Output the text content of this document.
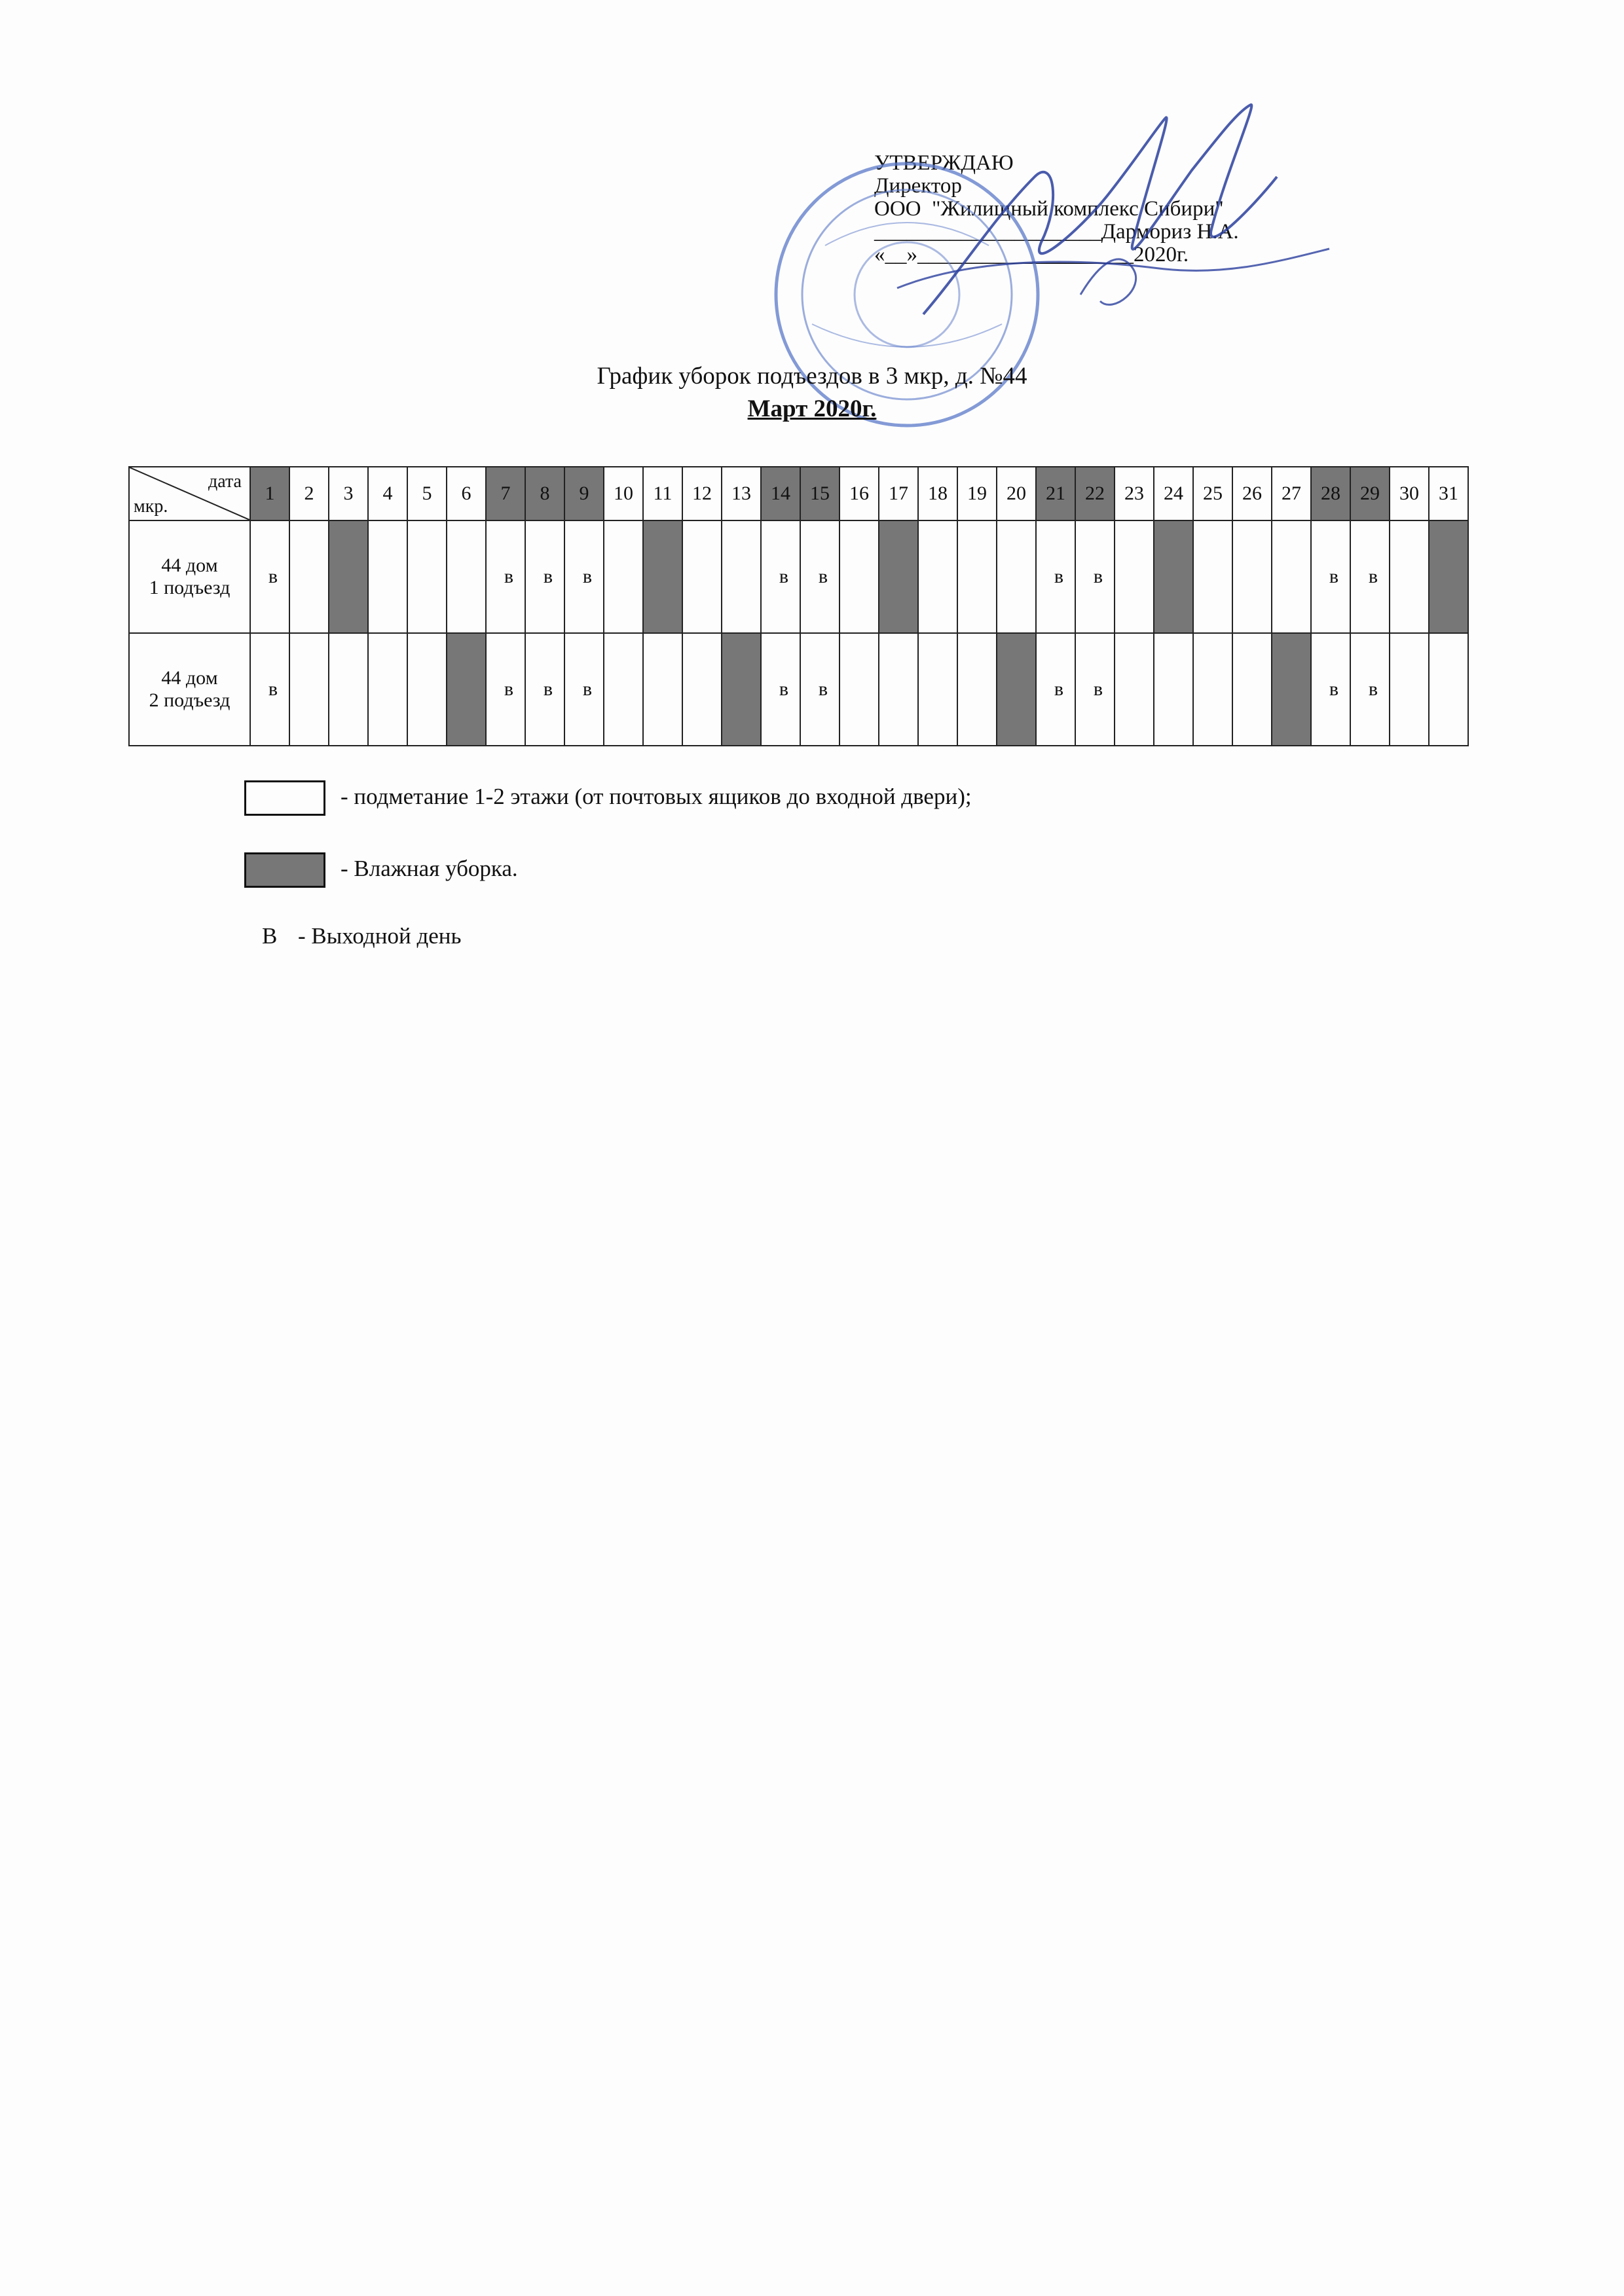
УТВЕРЖДАЮ
Директор
ООО  "Жилищный комплекс Сибири"
_____________________Дармориз Н.А.
«__»____________________2020г.
График уборок подъездов в 3 мкр, д. №44
Март 2020г.
дата
мкр.	1	2	3	4	5	6	7	8	9	10	11	12	13	14	15	16	17	18	19	20	21	22	23	24	25	26	27	28	29	30	31

44 дом
1 подъезд	в						в	в	в					в	в						в	в						в	в		

44 дом
2 подъезд	в						в	в	в					в	в						в	в						в	в		
- подметание 1-2 этажи (от почтовых ящиков до входной двери);
- Влажная уборка.
В - Выходной день
